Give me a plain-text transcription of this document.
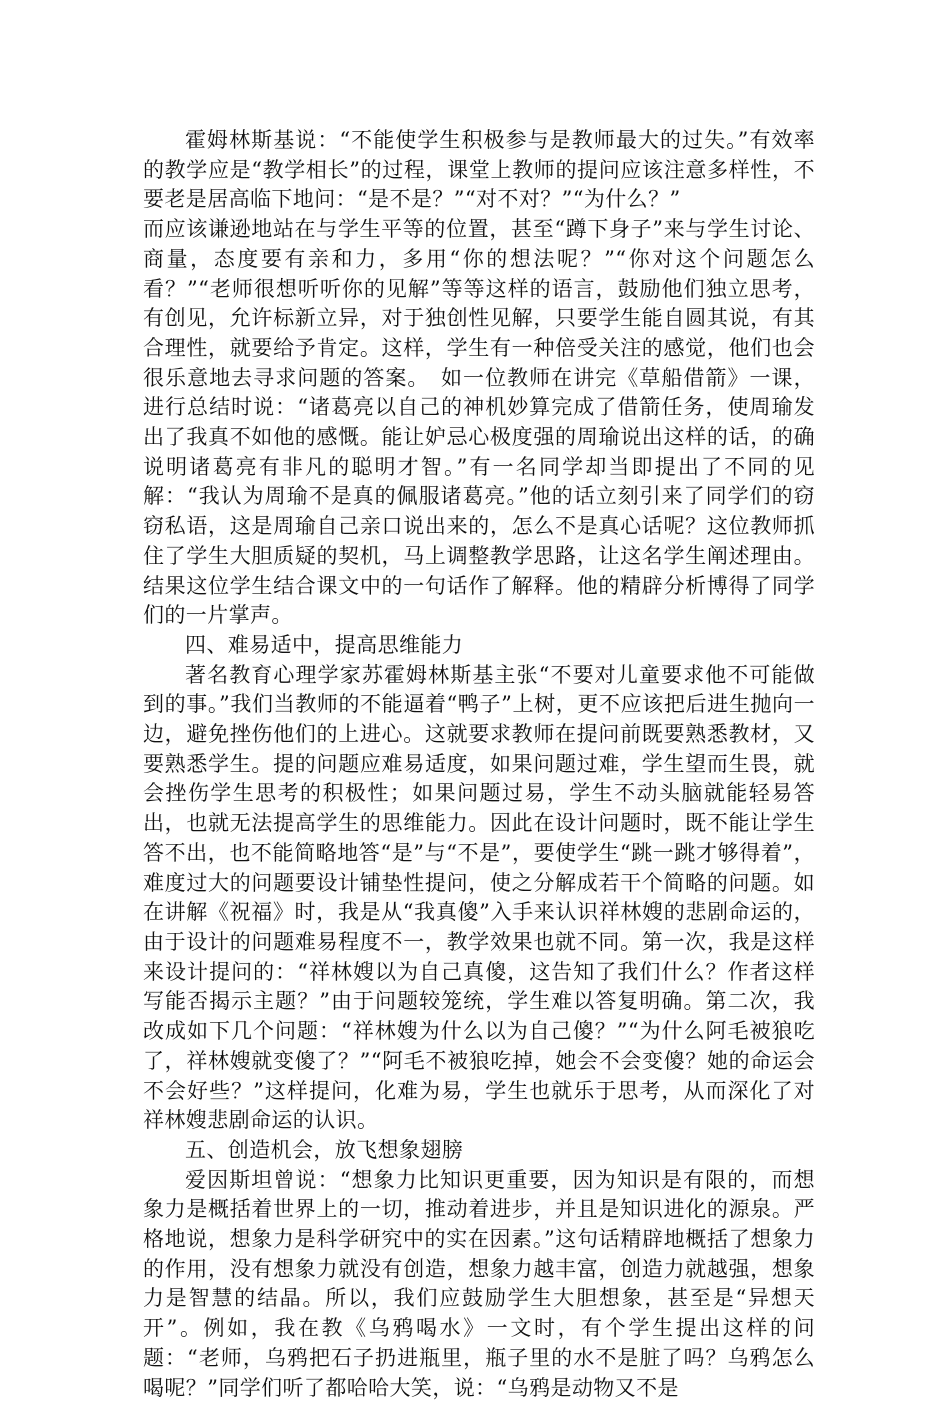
霍姆林斯基说：“不能使学生积极参与是教师最大的过失。”有效率的教学应是“教学相长”的过程，课堂上教师的提问应该注意多样性，不要老是居高临下地问：“是不是？”“对不对？”“为什么？”

而应该谦逊地站在与学生平等的位置，甚至“蹲下身子”来与学生讨论、商量，态度要有亲和力，多用“你的想法呢？”“你对这个问题怎么看？”“老师很想听听你的见解”等等这样的语言，鼓励他们独立思考，有创见，允许标新立异，对于独创性见解，只要学生能自圆其说，有其合理性，就要给予肯定。这样，学生有一种倍受关注的感觉，他们也会很乐意地去寻求问题的答案。　如一位教师在讲完《草船借箭》一课，进行总结时说：“诸葛亮以自己的神机妙算完成了借箭任务，使周瑜发出了我真不如他的感慨。能让妒忌心极度强的周瑜说出这样的话，的确说明诸葛亮有非凡的聪明才智。”有一名同学却当即提出了不同的见解：“我认为周瑜不是真的佩服诸葛亮。”他的话立刻引来了同学们的窃窃私语，这是周瑜自己亲口说出来的，怎么不是真心话呢？这位教师抓住了学生大胆质疑的契机，马上调整教学思路，让这名学生阐述理由。结果这位学生结合课文中的一句话作了解释。他的精辟分析博得了同学们的一片掌声。

四、难易适中，提高思维能力

著名教育心理学家苏霍姆林斯基主张“不要对儿童要求他不可能做到的事。”我们当教师的不能逼着“鸭子”上树，更不应该把后进生抛向一边，避免挫伤他们的上进心。这就要求教师在提问前既要熟悉教材，又要熟悉学生。提的问题应难易适度，如果问题过难，学生望而生畏，就会挫伤学生思考的积极性；如果问题过易，学生不动头脑就能轻易答出，也就无法提高学生的思维能力。因此在设计问题时，既不能让学生答不出，也不能简略地答“是”与“不是”，要使学生“跳一跳才够得着”，难度过大的问题要设计铺垫性提问，使之分解成若干个简略的问题。如在讲解《祝福》时，我是从“我真傻”入手来认识祥林嫂的悲剧命运的，由于设计的问题难易程度不一，教学效果也就不同。第一次，我是这样来设计提问的：“祥林嫂以为自己真傻，这告知了我们什么？作者这样写能否揭示主题？”由于问题较笼统，学生难以答复明确。第二次，我改成如下几个问题：“祥林嫂为什么以为自己傻？”“为什么阿毛被狼吃了，祥林嫂就变傻了？”“阿毛不被狼吃掉，她会不会变傻？她的命运会不会好些？”这样提问，化难为易，学生也就乐于思考，从而深化了对祥林嫂悲剧命运的认识。

五、创造机会，放飞想象翅膀

爱因斯坦曾说：“想象力比知识更重要，因为知识是有限的，而想象力是概括着世界上的一切，推动着进步，并且是知识进化的源泉。严格地说，想象力是科学研究中的实在因素。”这句话精辟地概括了想象力的作用，没有想象力就没有创造，想象力越丰富，创造力就越强，想象力是智慧的结晶。所以，我们应鼓励学生大胆想象，甚至是“异想天开”。例如，我在教《乌鸦喝水》一文时，有个学生提出这样的问题：“老师，乌鸦把石子扔进瓶里，瓶子里的水不是脏了吗？乌鸦怎么喝呢？”同学们听了都哈哈大笑，说：“乌鸦是动物又不是
